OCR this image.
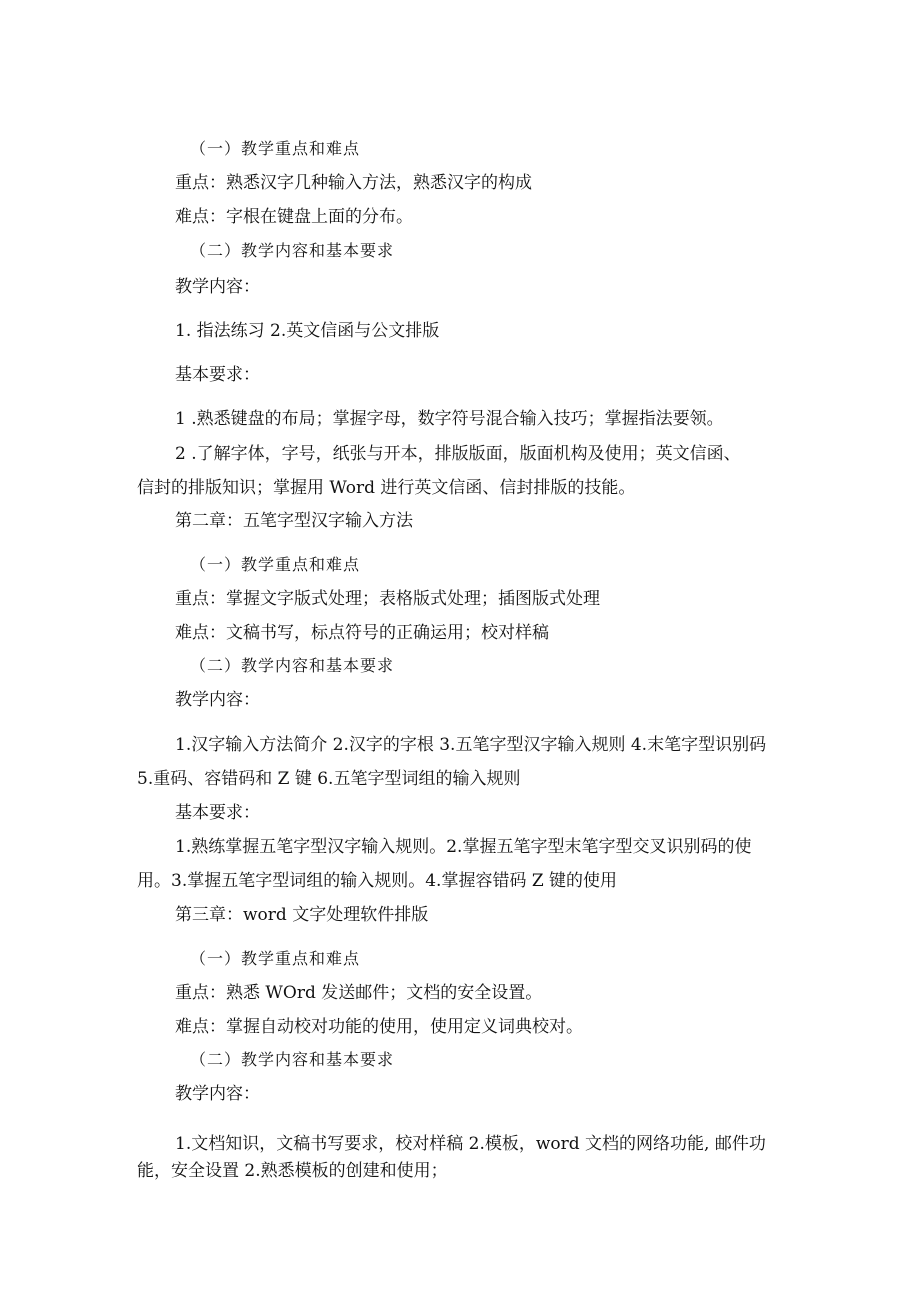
（一）教学重点和难点
重点：熟悉汉字几种输入方法，熟悉汉字的构成
难点：字根在键盘上面的分布。
（二）教学内容和基本要求
教学内容：
1. 指法练习 2.英文信函与公文排版
基本要求：
1 .熟悉键盘的布局；掌握字母，数字符号混合输入技巧；掌握指法要领。
2 .了解字体，字号，纸张与开本，排版版面，版面机构及使用；英文信函、
信封的排版知识；掌握用 Word 进行英文信函、信封排版的技能。
第二章：五笔字型汉字输入方法
（一）教学重点和难点
重点：掌握文字版式处理；表格版式处理；插图版式处理
难点：文稿书写，标点符号的正确运用；校对样稿
（二）教学内容和基本要求
教学内容：
1.汉字输入方法简介 2.汉字的字根 3.五笔字型汉字输入规则 4.末笔字型识别码
5.重码、容错码和 Z 键 6.五笔字型词组的输入规则
基本要求：
1.熟练掌握五笔字型汉字输入规则。2.掌握五笔字型末笔字型交叉识别码的使
用。3.掌握五笔字型词组的输入规则。4.掌握容错码 Z 键的使用
第三章：word 文字处理软件排版
（一）教学重点和难点
重点：熟悉 WOrd 发送邮件；文档的安全设置。
难点：掌握自动校对功能的使用，使用定义词典校对。
（二）教学内容和基本要求
教学内容：
1.文档知识，文稿书写要求，校对样稿 2.模板，word 文档的网络功能, 邮件功
能，安全设置 2.熟悉模板的创建和使用；
